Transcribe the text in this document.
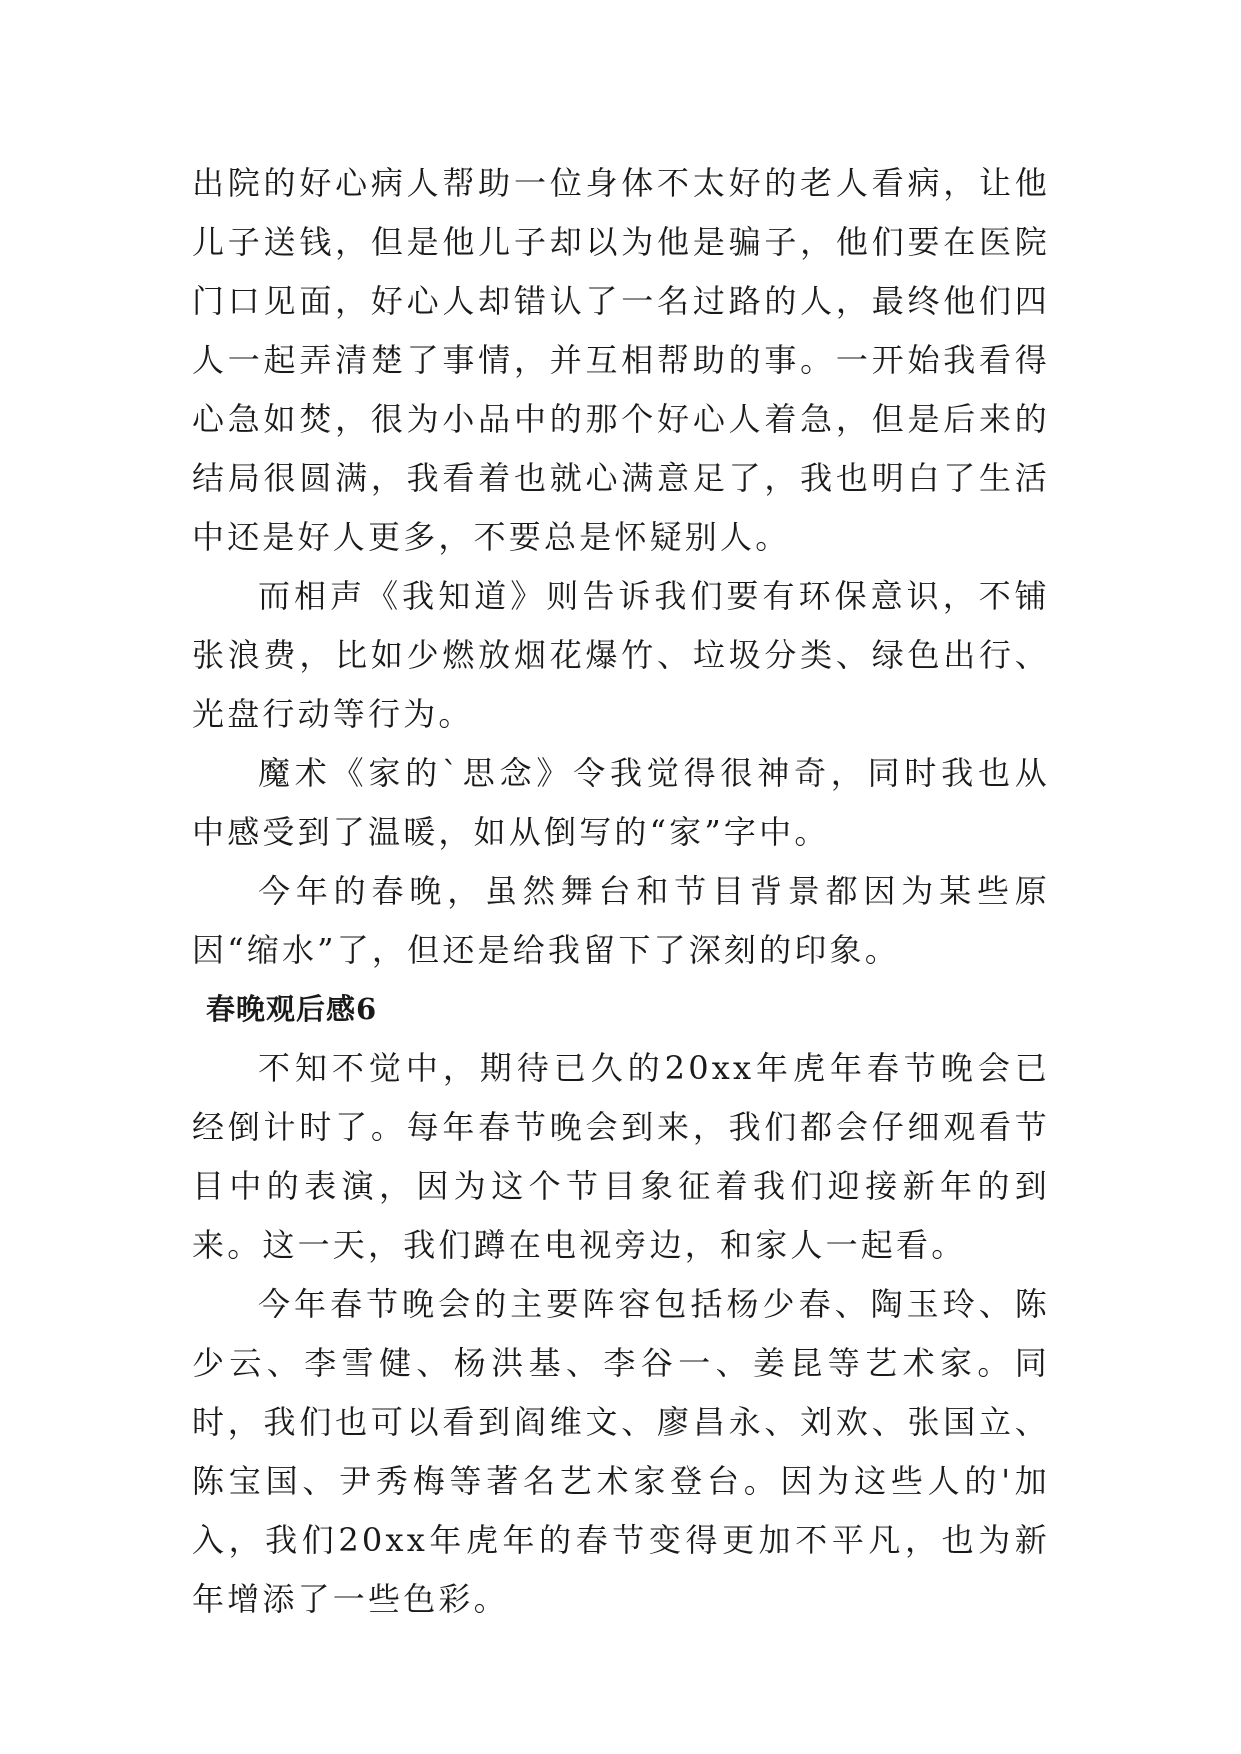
出院的好心病人帮助一位身体不太好的老人看病，让他儿子送钱，但是他儿子却以为他是骗子，他们要在医院门口见面，好心人却错认了一名过路的人，最终他们四人一起弄清楚了事情，并互相帮助的事。一开始我看得心急如焚，很为小品中的那个好心人着急，但是后来的结局很圆满，我看着也就心满意足了，我也明白了生活中还是好人更多，不要总是怀疑别人。

而相声《我知道》则告诉我们要有环保意识，不铺张浪费，比如少燃放烟花爆竹、垃圾分类、绿色出行、光盘行动等行为。

魔术《家的`思念》令我觉得很神奇，同时我也从中感受到了温暖，如从倒写的“家”字中。

今年的春晚，虽然舞台和节目背景都因为某些原因“缩水”了，但还是给我留下了深刻的印象。

春晚观后感6

不知不觉中，期待已久的20xx年虎年春节晚会已经倒计时了。每年春节晚会到来，我们都会仔细观看节目中的表演，因为这个节目象征着我们迎接新年的到来。这一天，我们蹲在电视旁边，和家人一起看。

今年春节晚会的主要阵容包括杨少春、陶玉玲、陈少云、李雪健、杨洪基、李谷一、姜昆等艺术家。同时，我们也可以看到阎维文、廖昌永、刘欢、张国立、陈宝国、尹秀梅等著名艺术家登台。因为这些人的'加入，我们20xx年虎年的春节变得更加不平凡，也为新年增添了一些色彩。
